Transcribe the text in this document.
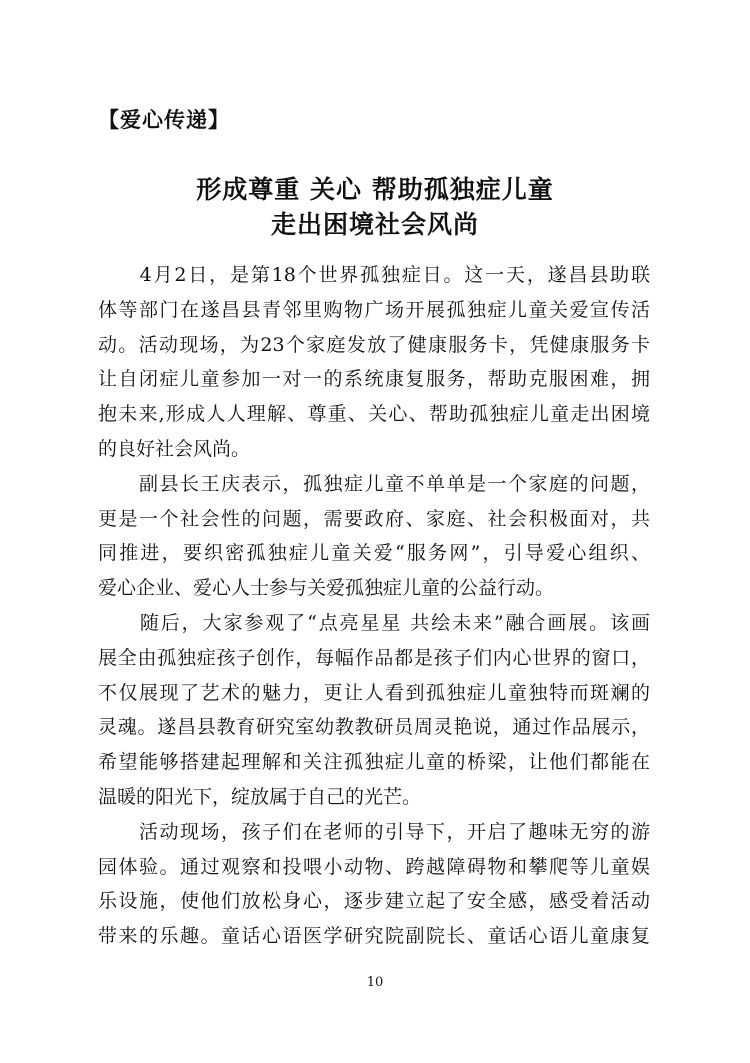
【爱心传递】
形成尊重 关心 帮助孤独症儿童
走出困境社会风尚

　　4月2日，是第18个世界孤独症日。这一天，遂昌县助联
体等部门在遂昌县青邻里购物广场开展孤独症儿童关爱宣传活
动。活动现场，为23个家庭发放了健康服务卡，凭健康服务卡
让自闭症儿童参加一对一的系统康复服务，帮助克服困难，拥
抱未来,形成人人理解、尊重、关心、帮助孤独症儿童走出困境
的良好社会风尚。

　　副县长王庆表示，孤独症儿童不单单是一个家庭的问题，
更是一个社会性的问题，需要政府、家庭、社会积极面对，共
同推进，要织密孤独症儿童关爱“服务网”，引导爱心组织、
爱心企业、爱心人士参与关爱孤独症儿童的公益行动。

　　随后，大家参观了“点亮星星 共绘未来”融合画展。该画
展全由孤独症孩子创作，每幅作品都是孩子们内心世界的窗口，
不仅展现了艺术的魅力，更让人看到孤独症儿童独特而斑斓的
灵魂。遂昌县教育研究室幼教教研员周灵艳说，通过作品展示，
希望能够搭建起理解和关注孤独症儿童的桥梁，让他们都能在
温暖的阳光下，绽放属于自己的光芒。

　　活动现场，孩子们在老师的引导下，开启了趣味无穷的游
园体验。通过观察和投喂小动物、跨越障碍物和攀爬等儿童娱
乐设施，使他们放松身心，逐步建立起了安全感，感受着活动
带来的乐趣。童话心语医学研究院副院长、童话心语儿童康复

10
